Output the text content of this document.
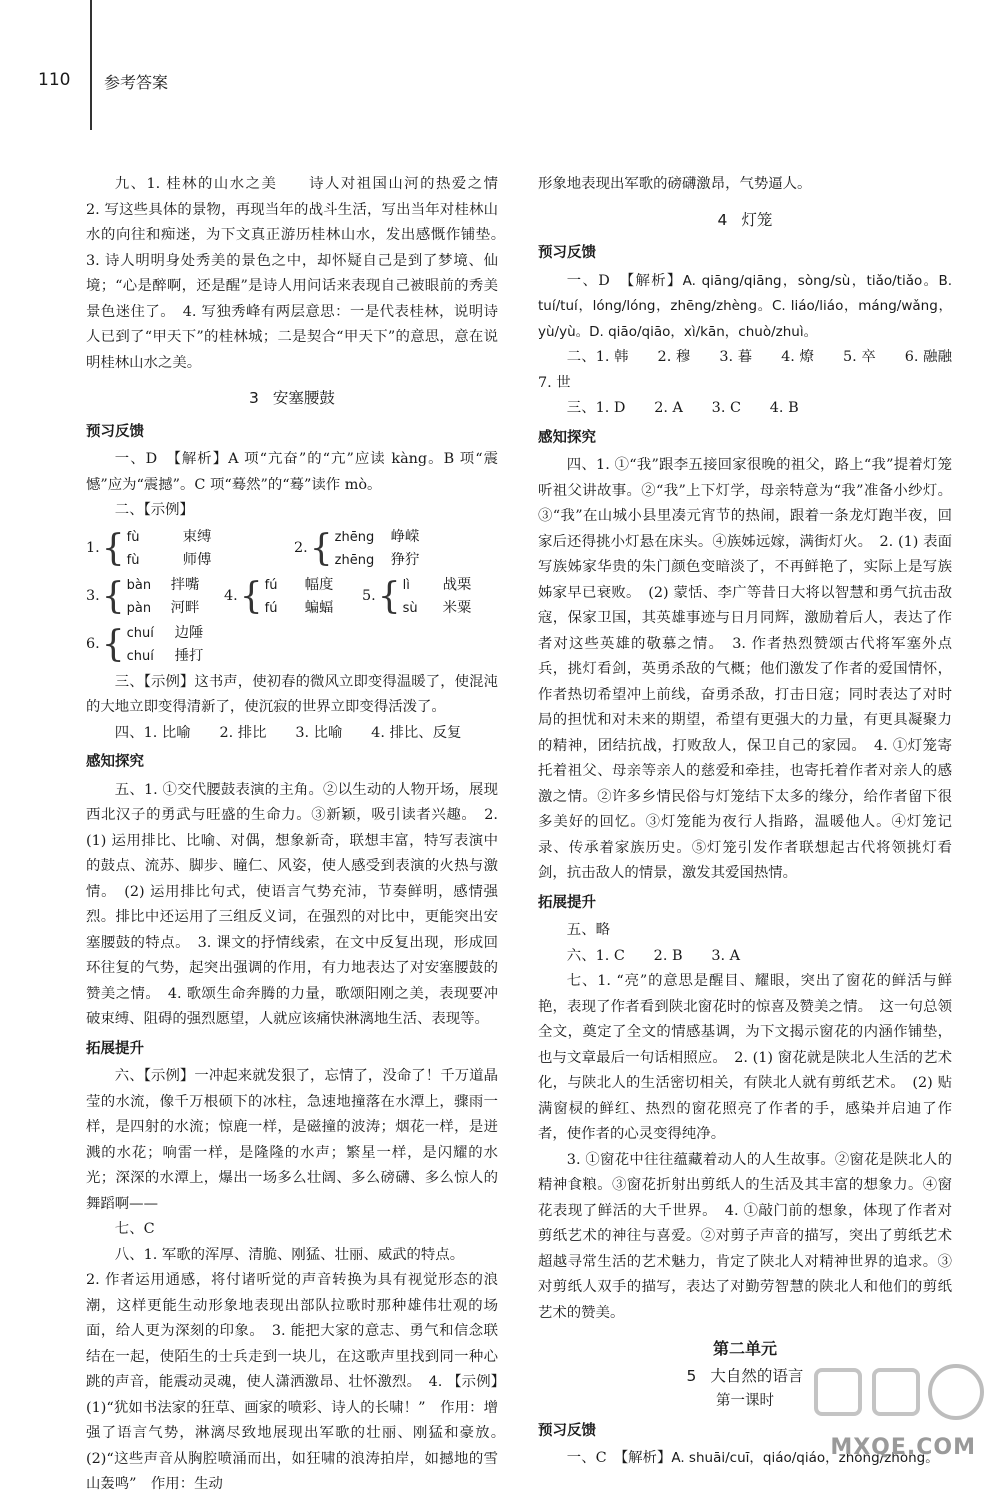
110 参考答案

九、1. 桂林的山水之美　　诗人对祖国山河的热爱之情　　2. 写这些具体的景物，再现当年的战斗生活，写出当年对桂林山水的向往和痴迷，为下文真正游历桂林山水，发出感慨作铺垫。　3. 诗人明明身处秀美的景色之中，却怀疑自己是到了梦境、仙境；“心是醉啊，还是醒”是诗人用问话来表现自己被眼前的秀美景色迷住了。　4. 写独秀峰有两层意思：一是代表桂林，说明诗人已到了“甲天下”的桂林城；二是契合“甲天下”的意思，意在说明桂林山水之美。

3 安塞腰鼓
预习反馈

一、D　【解析】A 项“亢奋”的“亢”应读 kàng。B 项“震憾”应为“震撼”。C 项“蓦然”的“蓦”读作 mò。

二、【示例】
1. { fù	束缚
fù	师傅
2. { zhēng 峥嵘
zhēng 狰狞
3. { bàn 拌嘴
pàn 河畔
4. { fú 幅度
fú 蝙蝠
5. { lì 战栗
sù 米粟
6. { chuí 边陲
chuí 捶打

三、【示例】这书声，使初春的微风立即变得温暖了，使混沌的大地立即变得清新了，使沉寂的世界立即变得活泼了。

四、1. 比喻　　2. 排比　　3. 比喻　　4. 排比、反复

感知探究

五、1. ①交代腰鼓表演的主角。②以生动的人物开场，展现西北汉子的勇武与旺盛的生命力。③新颖，吸引读者兴趣。　2. (1) 运用排比、比喻、对偶，想象新奇，联想丰富，特写表演中的鼓点、流苏、脚步、瞳仁、风姿，使人感受到表演的火热与激情。　(2) 运用排比句式，使语言气势充沛，节奏鲜明，感情强烈。排比中还运用了三组反义词，在强烈的对比中，更能突出安塞腰鼓的特点。　3. 课文的抒情线索，在文中反复出现，形成回环往复的气势，起突出强调的作用，有力地表达了对安塞腰鼓的赞美之情。　4. 歌颂生命奔腾的力量，歌颂阳刚之美，表现要冲破束缚、阻碍的强烈愿望，人就应该痛快淋漓地生活、表现等。

拓展提升

六、【示例】一冲起来就发狠了，忘情了，没命了！千万道晶莹的水流，像千万根硕下的冰柱，急速地撞落在水潭上，骤雨一样，是四射的水流；惊鹿一样，是磁撞的波涛；烟花一样，是迸溅的水花；响雷一样，是隆隆的水声；繁星一样，是闪耀的水光；深深的水潭上，爆出一场多么壮阔、多么磅礴、多么惊人的舞蹈啊——

七、C

八、1. 军歌的浑厚、清脆、刚猛、壮丽、威武的特点。

2. 作者运用通感，将付诸听觉的声音转换为具有视觉形态的浪潮，这样更能生动形象地表现出部队拉歌时那种雄伟壮观的场面，给人更为深刻的印象。　3. 能把大家的意志、勇气和信念联结在一起，使陌生的士兵走到一块儿，在这歌声里找到同一种心跳的声音，能震动灵魂，使人潇洒激昂、壮怀激烈。　4. 【示例】(1)“犹如书法家的狂草、画家的喷彩、诗人的长啸！”　作用：增强了语言气势，淋漓尽致地展现出军歌的壮丽、刚猛和豪放。　(2)“这些声音从胸腔喷涌而出，如狂啸的浪涛拍岸，如撼地的雪山轰鸣”　作用：生动

形象地表现出军歌的磅礴激昂，气势逼人。

4 灯笼
预习反馈

一、D　【解析】A. qiāng/qiāng，sòng/sù，tiǎo/tiǎo。B. tuí/tuí，lóng/lóng，zhēng/zhèng。C. liáo/liáo，máng/wǎng，yù/yù。D. qiāo/qiāo，xì/kān，chuò/zhuì。

二、1. 韩　　2. 穆　　3. 暮　　4. 燎　　5. 卒　　6. 融融　　7. 世

三、1. D　　2. A　　3. C　　4. B

感知探究

四、1. ①“我”跟李五接回家很晚的祖父，路上“我”提着灯笼听祖父讲故事。②“我”上下灯学，母亲特意为“我”准备小纱灯。③“我”在山城小县里凑元宵节的热闹，跟着一条龙灯跑半夜，回家后还得挑小灯悬在床头。④族姊远嫁，满街灯火。　2. (1) 表面写族姊家华贵的朱门颜色变暗淡了，不再鲜艳了，实际上是写族姊家早已衰败。　(2) 蒙恬、李广等昔日大将以智慧和勇气抗击敌寇，保家卫国，其英雄事迹与日月同辉，激励着后人，表达了作者对这些英雄的敬慕之情。　3. 作者热烈赞颂古代将军塞外点兵，挑灯看剑，英勇杀敌的气概；他们激发了作者的爱国情怀，作者热切希望冲上前线，奋勇杀敌，打击日寇；同时表达了对时局的担忧和对未来的期望，希望有更强大的力量，有更具凝聚力的精神，团结抗战，打败敌人，保卫自己的家园。　4. ①灯笼寄托着祖父、母亲等亲人的慈爱和牵挂，也寄托着作者对亲人的感激之情。②许多乡情民俗与灯笼结下太多的缘分，给作者留下很多美好的回忆。③灯笼能为夜行人指路，温暖他人。④灯笼记录、传承着家族历史。⑤灯笼引发作者联想起古代将领挑灯看剑，抗击敌人的情景，激发其爱国热情。

拓展提升

五、略

六、1. C　　2. B　　3. A

七、1. “亮”的意思是醒目、耀眼，突出了窗花的鲜活与鲜艳，表现了作者看到陕北窗花时的惊喜及赞美之情。　这一句总领全文，奠定了全文的情感基调，为下文揭示窗花的内涵作铺垫，也与文章最后一句话相照应。　2. (1) 窗花就是陕北人生活的艺术化，与陕北人的生活密切相关，有陕北人就有剪纸艺术。　(2) 贴满窗棂的鲜红、热烈的窗花照亮了作者的手，感染并启迪了作者，使作者的心灵变得纯净。

3. ①窗花中往往蕴藏着动人的人生故事。②窗花是陕北人的精神食粮。③窗花折射出剪纸人的生活及其丰富的想象力。④窗花表现了鲜活的大千世界。　4. ①敲门前的想象，体现了作者对剪纸艺术的神往与喜爱。②对剪子声音的描写，突出了剪纸艺术超越寻常生活的艺术魅力，肯定了陕北人对精神世界的追求。③对剪纸人双手的描写，表达了对勤劳智慧的陕北人和他们的剪纸艺术的赞美。

第二单元
5 大自然的语言
第一课时
预习反馈

一、C　【解析】A. shuāi/cuī，qiáo/qiáo，zhòng/zhòng。

MXQE.COM
